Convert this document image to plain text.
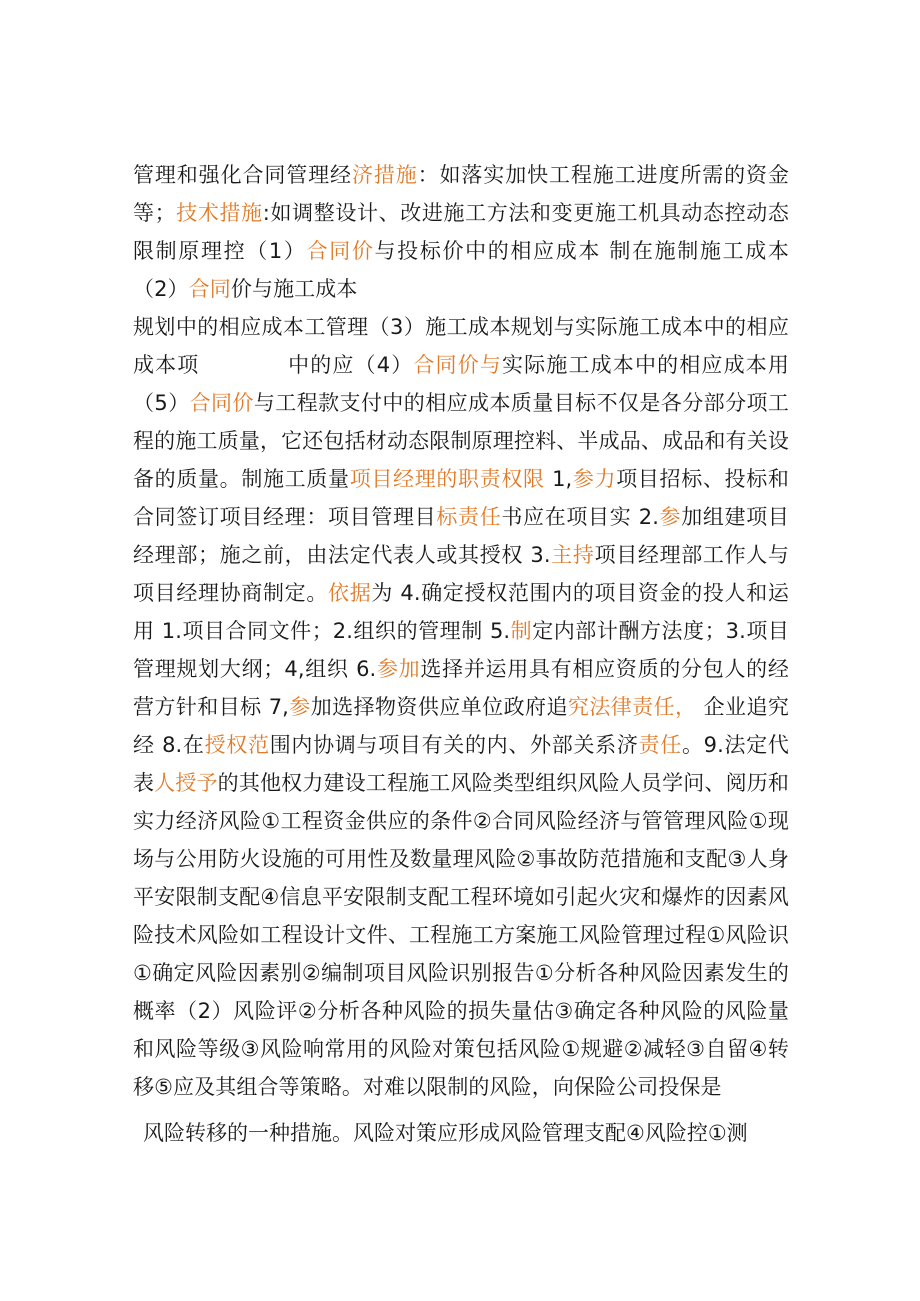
管理和强化合同管理经济措施：如落实加快工程施工进度所需的资金等；技术措施:如调整设计、改进施工方法和变更施工机具动态控动态限制原理控（1）合同价与投标价中的相应成本 制在施制施工成本（2）合同价与施工成本

规划中的相应成本工管理（3）施工成本规划与实际施工成本中的相应成本项　　　　中的应（4）合同价与实际施工成本中的相应成本用（5）合同价与工程款支付中的相应成本质量目标不仅是各分部分项工程的施工质量，它还包括材动态限制原理控料、半成品、成品和有关设备的质量。制施工质量项目经理的职责权限 1,参力项目招标、投标和合同签订项目经理：项目管理目标责任书应在项目实 2.参加组建项目经理部；施之前，由法定代表人或其授权 3.主持项目经理部工作人与项目经理协商制定。依据为 4.确定授权范围内的项目资金的投人和运用 1.项目合同文件；2.组织的管理制 5.制定内部计酬方法度；3.项目管理规划大纲；4,组织 6.参加选择并运用具有相应资质的分包人的经营方针和目标 7,参加选择物资供应单位政府追究法律责任， 企业追究经 8.在授权范围内协调与项目有关的内、外部关系济责任。9.法定代表人授予的其他权力建设工程施工风险类型组织风险人员学问、阅历和实力经济风险①工程资金供应的条件②合同风险经济与管管理风险①现场与公用防火设施的可用性及数量理风险②事故防范措施和支配③人身平安限制支配④信息平安限制支配工程环境如引起火灾和爆炸的因素风险技术风险如工程设计文件、工程施工方案施工风险管理过程①风险识①确定风险因素别②编制项目风险识别报告①分析各种风险因素发生的概率（2）风险评②分析各种风险的损失量估③确定各种风险的风险量和风险等级③风险响常用的风险对策包括风险①规避②减轻③自留④转移⑤应及其组合等策略。对难以限制的风险，向保险公司投保是

风险转移的一种措施。风险对策应形成风险管理支配④风险控①测
